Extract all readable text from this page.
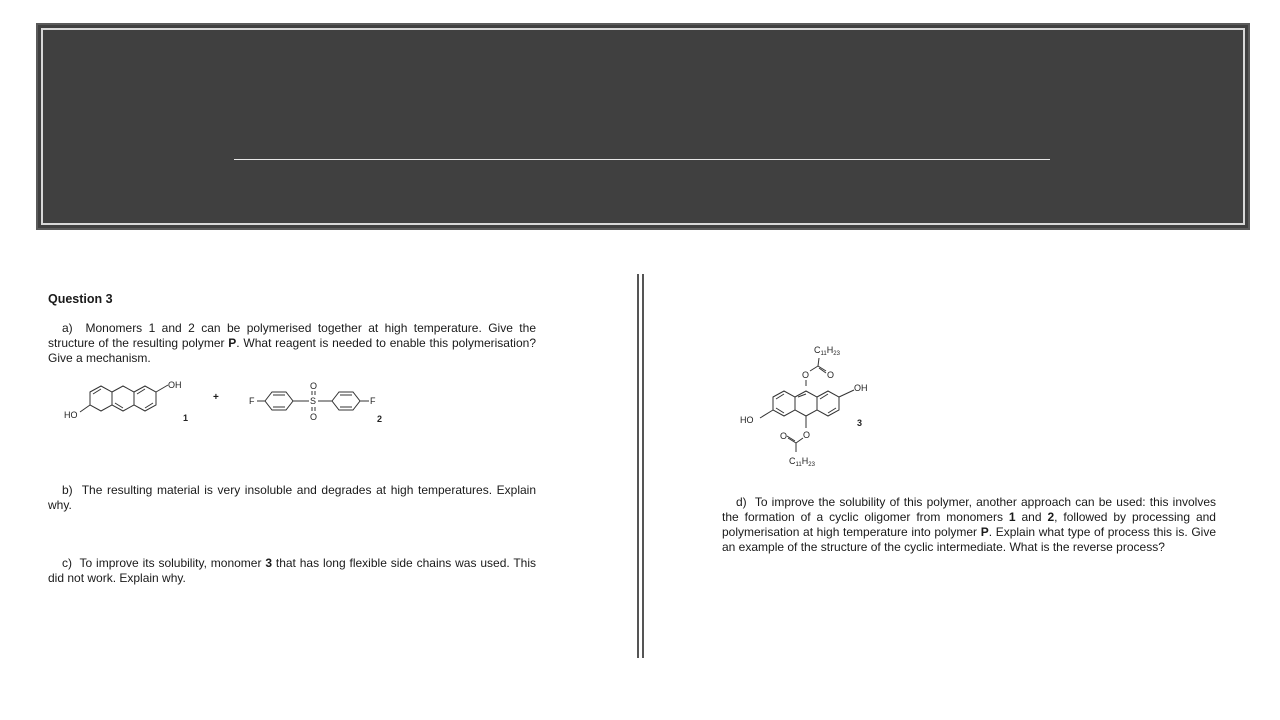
Question 3
a) Monomers 1 and 2 can be polymerised together at high temperature. Give the structure of the resulting polymer P. What reagent is needed to enable this polymerisation? Give a mechanism.
OH
HO	1
+	F	S
O
O
F
2
b) The resulting material is very insoluble and degrades at high temperatures. Explain why.
c) To improve its solubility, monomer 3 that has long flexible side chains was used. This did not work. Explain why.
$C_{11}H_{23}$
O
O
OH
HO	3
O
O
$C_{11}H_{23}$
d) To improve the solubility of this polymer, another approach can be used: this involves the formation of a cyclic oligomer from monomers 1 and 2, followed by processing and polymerisation at high temperature into polymer P. Explain what type of process this is. Give an example of the structure of the cyclic intermediate. What is the reverse process?
